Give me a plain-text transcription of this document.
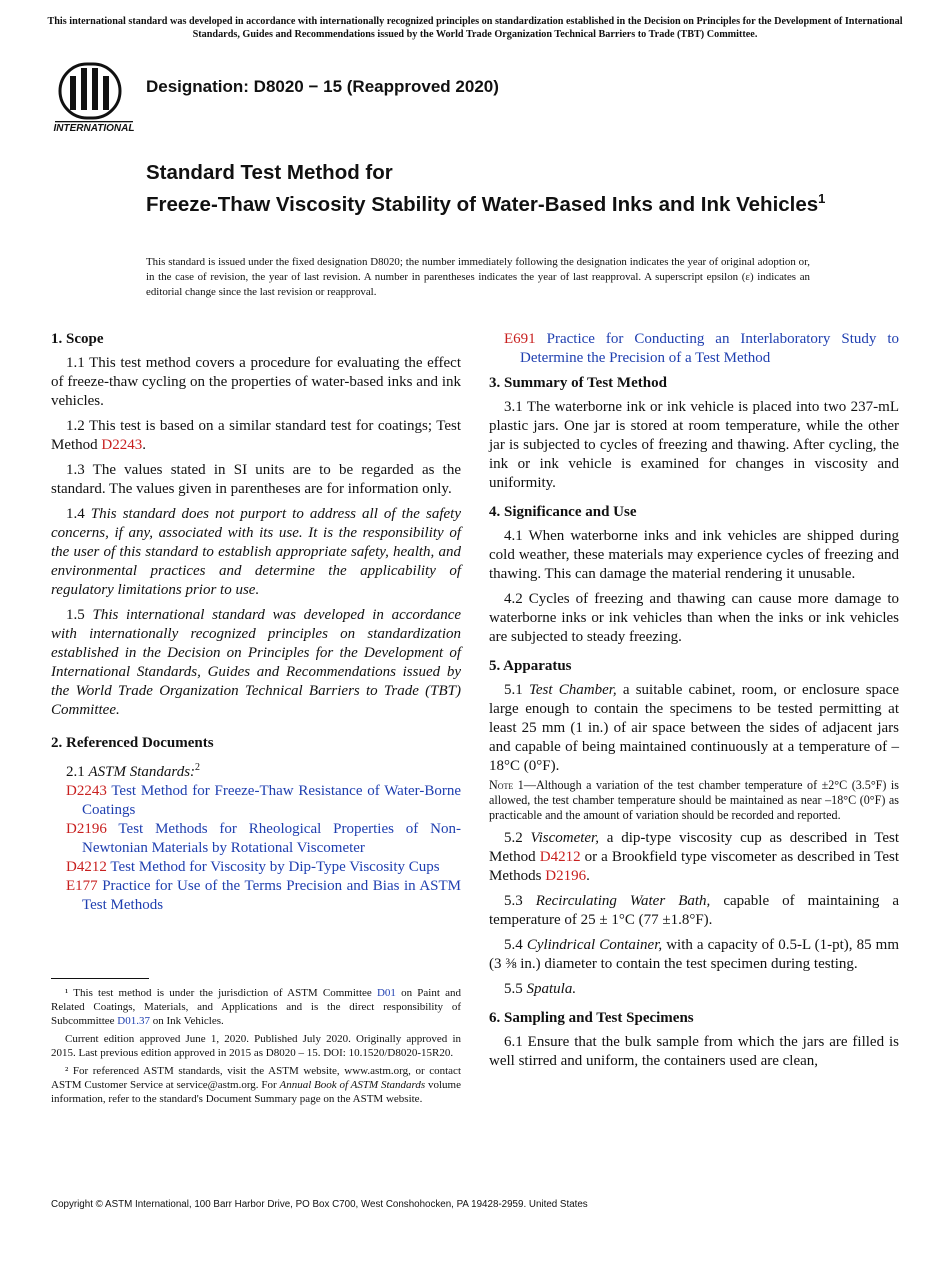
This international standard was developed in accordance with internationally recognized principles on standardization established in the Decision on Principles for the Development of International Standards, Guides and Recommendations issued by the World Trade Organization Technical Barriers to Trade (TBT) Committee.
INTERNATIONAL
Designation: D8020 − 15 (Reapproved 2020)
Standard Test Method for
Freeze-Thaw Viscosity Stability of Water-Based Inks and Ink Vehicles$^1$
This standard is issued under the fixed designation D8020; the number immediately following the designation indicates the year of original adoption or, in the case of revision, the year of last revision. A number in parentheses indicates the year of last reapproval. A superscript epsilon (ε) indicates an editorial change since the last revision or reapproval.
1. Scope

1.1 This test method covers a procedure for evaluating the effect of freeze-thaw cycling on the properties of water-based inks and ink vehicles.

1.2 This test is based on a similar standard test for coatings; Test Method D2243.

1.3 The values stated in SI units are to be regarded as the standard. The values given in parentheses are for information only.

1.4 This standard does not purport to address all of the safety concerns, if any, associated with its use. It is the responsibility of the user of this standard to establish appropriate safety, health, and environmental practices and determine the applicability of regulatory limitations prior to use.

1.5 This international standard was developed in accordance with internationally recognized principles on standardization established in the Decision on Principles for the Development of International Standards, Guides and Recommendations issued by the World Trade Organization Technical Barriers to Trade (TBT) Committee.

2. Referenced Documents

2.1 ASTM Standards:$^2$

D2243 Test Method for Freeze-Thaw Resistance of Water-Borne Coatings
D2196 Test Methods for Rheological Properties of Non-Newtonian Materials by Rotational Viscometer
D4212 Test Method for Viscosity by Dip-Type Viscosity Cups
E177 Practice for Use of the Terms Precision and Bias in ASTM Test Methods

¹ This test method is under the jurisdiction of ASTM Committee D01 on Paint and Related Coatings, Materials, and Applications and is the direct responsibility of Subcommittee D01.37 on Ink Vehicles.

Current edition approved June 1, 2020. Published July 2020. Originally approved in 2015. Last previous edition approved in 2015 as D8020 – 15. DOI: 10.1520/D8020-15R20.

² For referenced ASTM standards, visit the ASTM website, www.astm.org, or contact ASTM Customer Service at service@astm.org. For Annual Book of ASTM Standards volume information, refer to the standard's Document Summary page on the ASTM website.

E691 Practice for Conducting an Interlaboratory Study to Determine the Precision of a Test Method
3. Summary of Test Method

3.1 The waterborne ink or ink vehicle is placed into two 237-mL plastic jars. One jar is stored at room temperature, while the other jar is subjected to cycles of freezing and thawing. After cycling, the ink or ink vehicle is examined for changes in viscosity and uniformity.

4. Significance and Use

4.1 When waterborne inks and ink vehicles are shipped during cold weather, these materials may experience cycles of freezing and thawing. This can damage the material rendering it unusable.

4.2 Cycles of freezing and thawing can cause more damage to waterborne inks or ink vehicles than when the inks or ink vehicles are subjected to steady freezing.

5. Apparatus

5.1 Test Chamber, a suitable cabinet, room, or enclosure space large enough to contain the specimens to be tested permitting at least 25 mm (1 in.) of air space between the sides of adjacent jars and capable of being maintained continuously at a temperature of –18°C (0°F).

Note 1—Although a variation of the test chamber temperature of ±2°C (3.5°F) is allowed, the test chamber temperature should be maintained as near –18°C (0°F) as practicable and the amount of variation should be recorded and reported.

5.2 Viscometer, a dip-type viscosity cup as described in Test Method D4212 or a Brookfield type viscometer as described in Test Methods D2196.

5.3 Recirculating Water Bath, capable of maintaining a temperature of 25 ± 1°C (77 ±1.8°F).

5.4 Cylindrical Container, with a capacity of 0.5-L (1-pt), 85 mm (3 ⅜ in.) diameter to contain the test specimen during testing.

5.5 Spatula.

6. Sampling and Test Specimens

6.1 Ensure that the bulk sample from which the jars are filled is well stirred and uniform, the containers used are clean,

Copyright © ASTM International, 100 Barr Harbor Drive, PO Box C700, West Conshohocken, PA 19428-2959. United States
